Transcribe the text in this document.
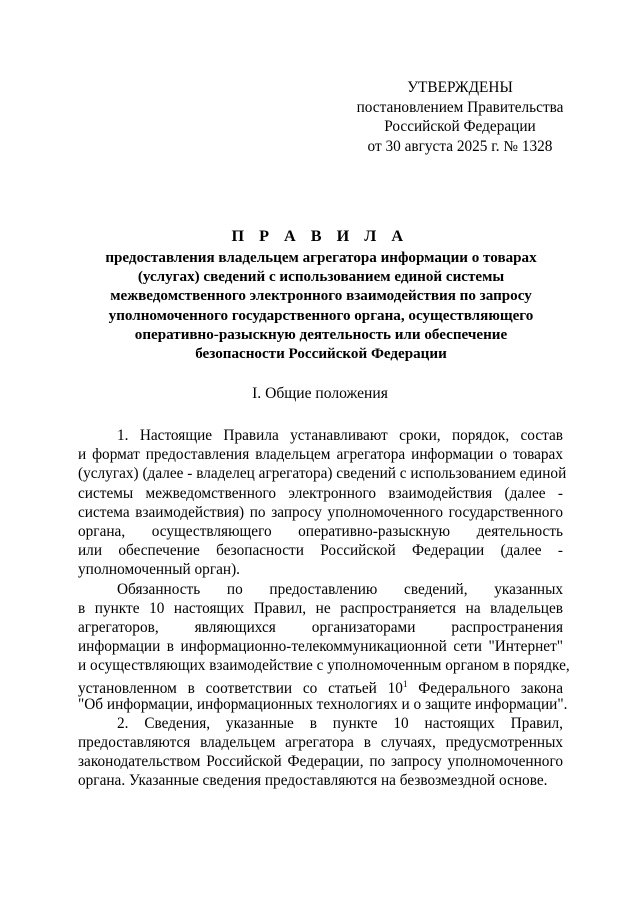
УТВЕРЖДЕНЫ
постановлением Правительства
Российской Федерации
от 30 августа 2025 г. № 1328
П Р А В И Л А
предоставления владельцем агрегатора информации о товарах
(услугах) сведений с использованием единой системы
межведомственного электронного взаимодействия по запросу
уполномоченного государственного органа, осуществляющего
оперативно-разыскную деятельность или обеспечение
безопасности Российской Федерации
I. Общие положения
1. Настоящие Правила устанавливают сроки, порядок, состав
и формат предоставления владельцем агрегатора информации о товарах
(услугах) (далее - владелец агрегатора) сведений с использованием единой
системы межведомственного электронного взаимодействия (далее -
система взаимодействия) по запросу уполномоченного государственного
органа, осуществляющего оперативно-разыскную деятельность
или обеспечение безопасности Российской Федерации (далее -
уполномоченный орган).
Обязанность по предоставлению сведений, указанных
в пункте 10 настоящих Правил, не распространяется на владельцев
агрегаторов, являющихся организаторами распространения
информации в информационно-телекоммуникационной сети "Интернет"
и осуществляющих взаимодействие с уполномоченным органом в порядке,
установленном в соответствии со статьей $10^1$ Федерального закона
"Об информации, информационных технологиях и о защите информации".
2. Сведения, указанные в пункте 10 настоящих Правил,
предоставляются владельцем агрегатора в случаях, предусмотренных
законодательством Российской Федерации, по запросу уполномоченного
органа. Указанные сведения предоставляются на безвозмездной основе.
